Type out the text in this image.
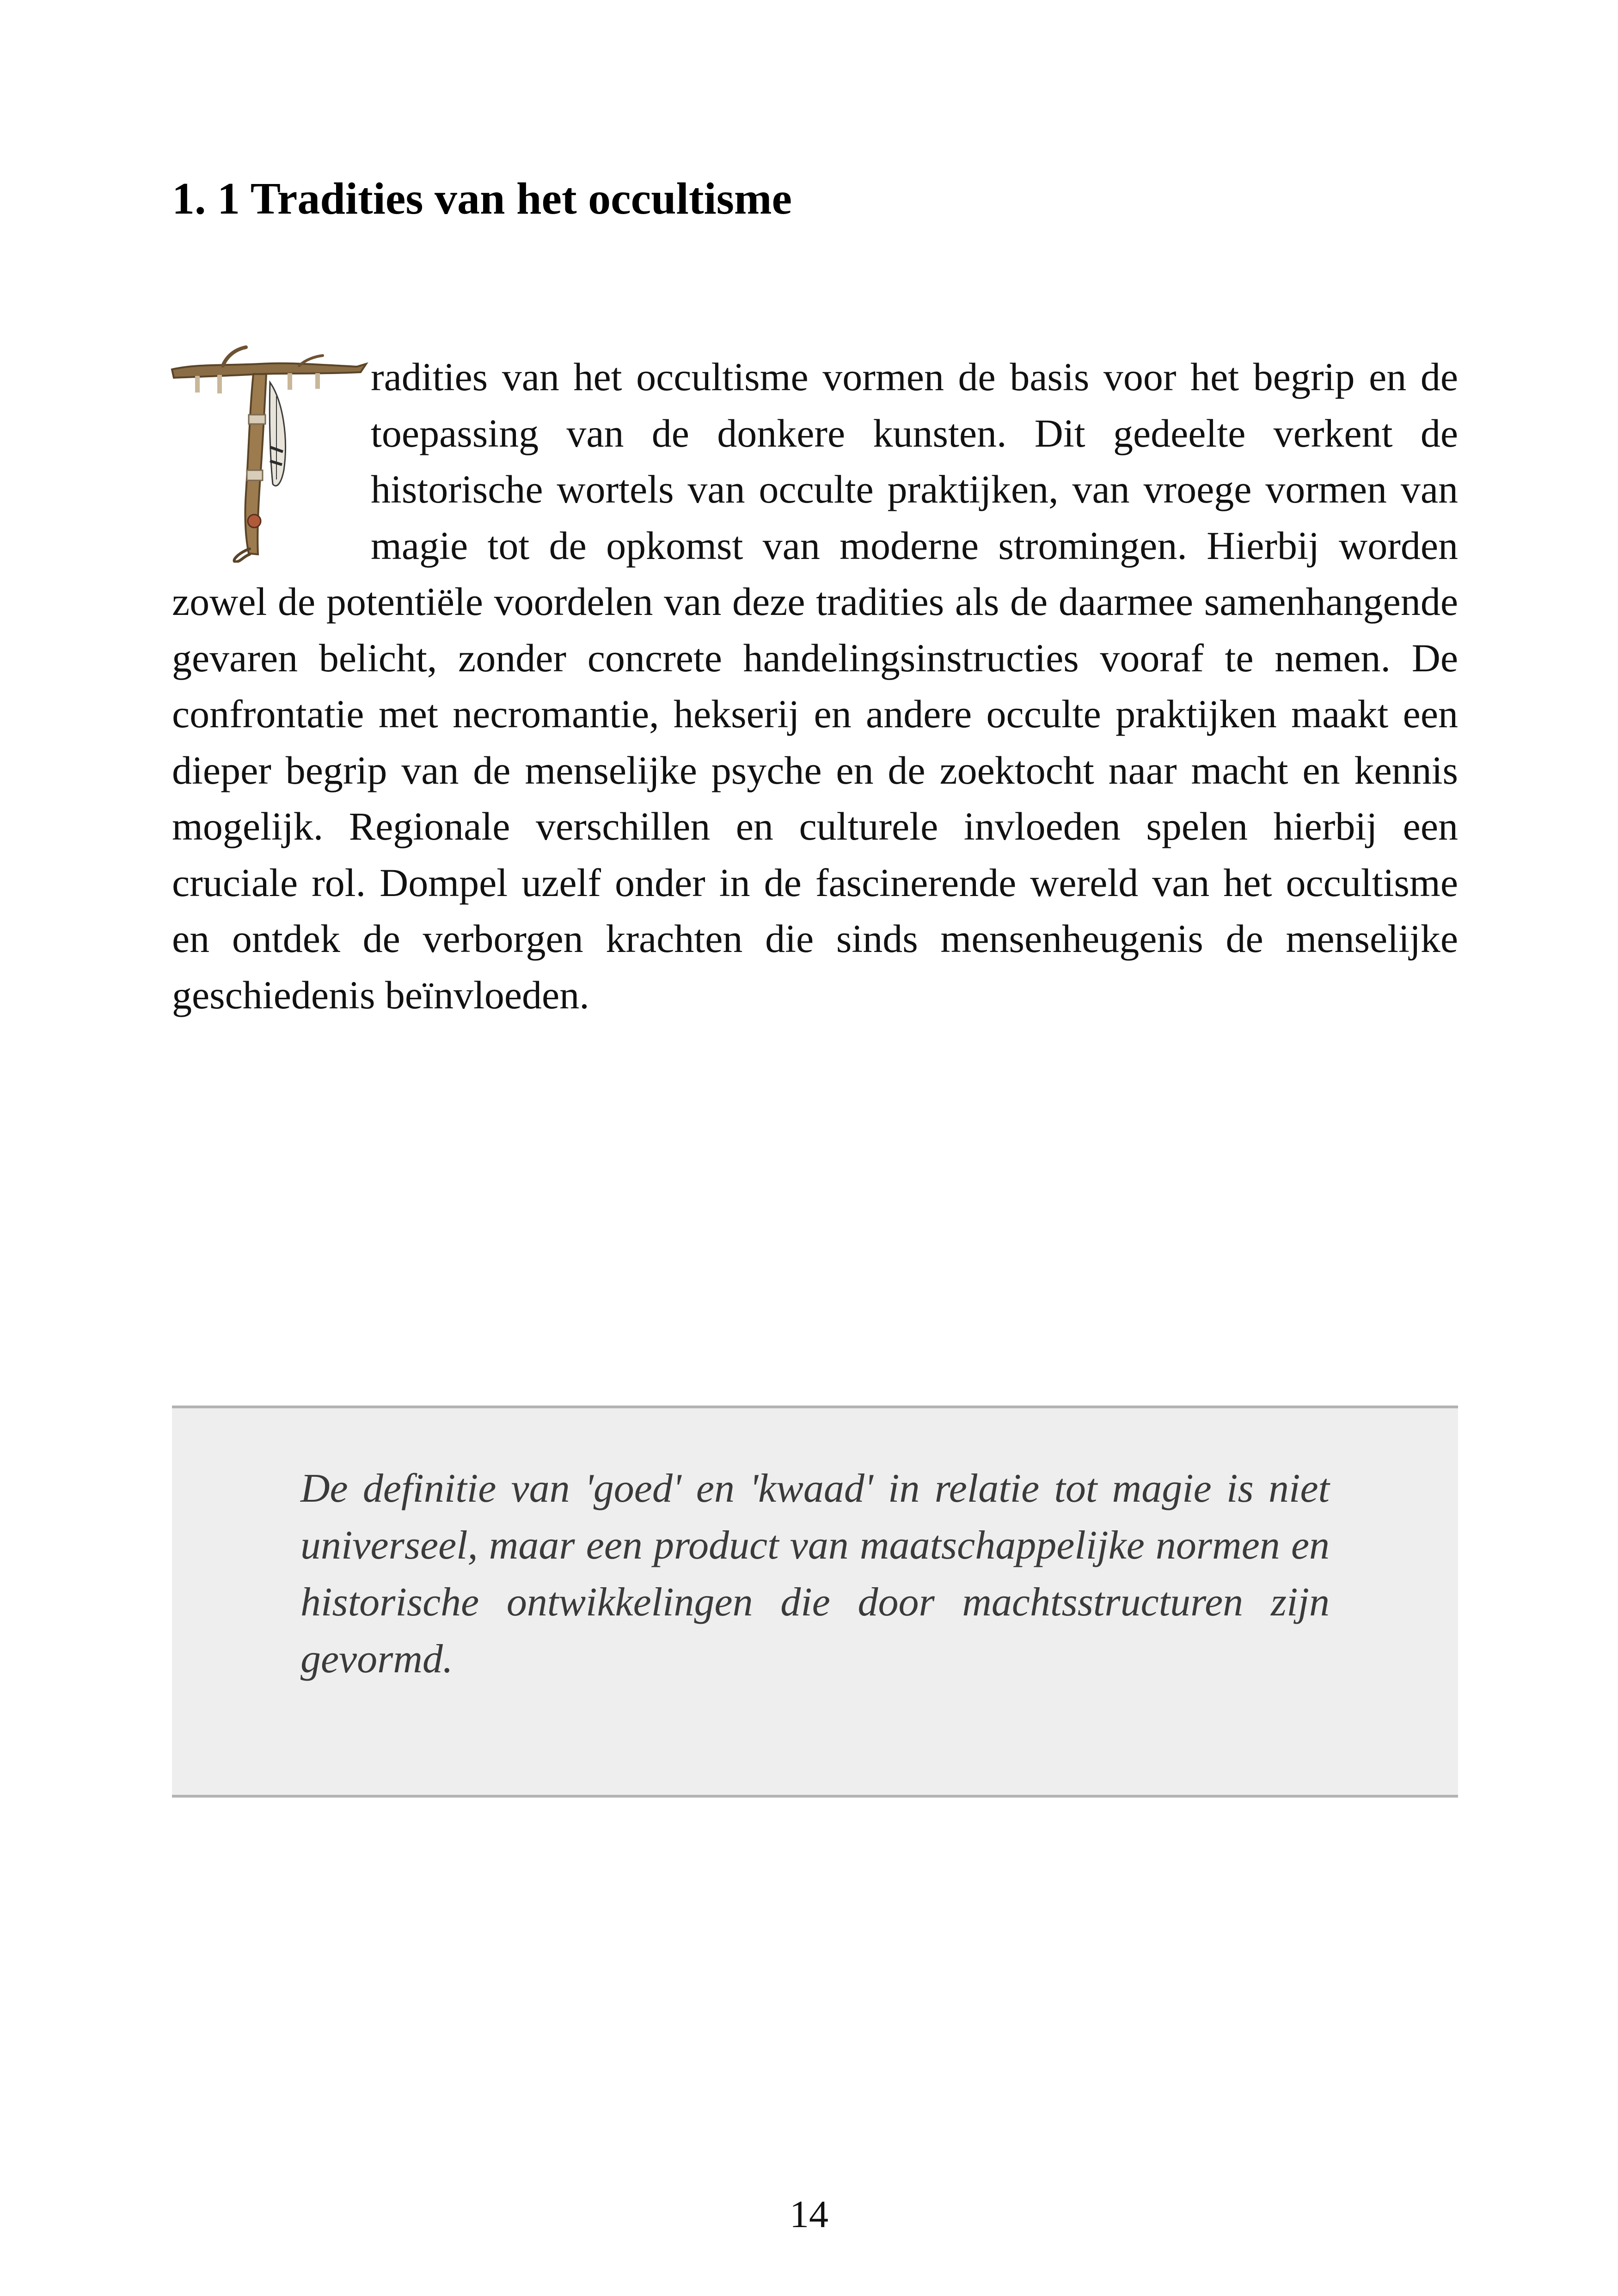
1. 1 Tradities van het occultisme
radities van het occultisme vormen de basis voor het begrip en de toepassing van de donkere kunsten. Dit gedeelte verkent de historische wortels van occulte praktijken, van vroege vormen van magie tot de opkomst van moderne stromingen. Hierbij worden zowel de potentiële voordelen van deze tradities als de daarmee samenhangende gevaren belicht, zonder concrete handelingsinstructies vooraf te nemen. De confrontatie met necromantie, hekserij en andere occulte praktijken maakt een dieper begrip van de menselijke psyche en de zoektocht naar macht en kennis mogelijk. Regionale verschillen en culturele invloeden spelen hierbij een cruciale rol. Dompel uzelf onder in de fascinerende wereld van het occultisme en ontdek de verborgen krachten die sinds mensenheugenis de menselijke geschiedenis beïnvloeden.

De definitie van 'goed' en 'kwaad' in relatie tot magie is niet universeel, maar een product van maatschappelijke normen en historische ontwikkelingen die door machtsstructuren zijn gevormd.

14
